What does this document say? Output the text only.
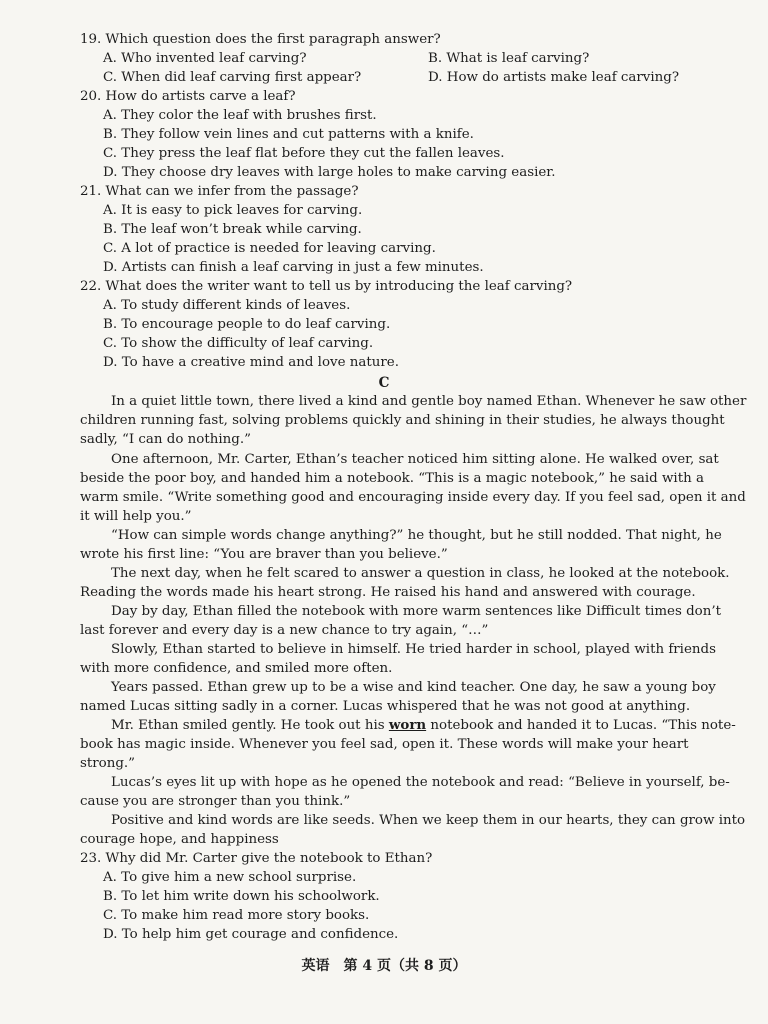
19. Which question does the first paragraph answer?
A. Who invented leaf carving?	B. What is leaf carving?
C. When did leaf carving first appear?	D. How do artists make leaf carving?
20. How do artists carve a leaf?
A. They color the leaf with brushes first.
B. They follow vein lines and cut patterns with a knife.
C. They press the leaf flat before they cut the fallen leaves.
D. They choose dry leaves with large holes to make carving easier.
21. What can we infer from the passage?
A. It is easy to pick leaves for carving.
B. The leaf won’t break while carving.
C. A lot of practice is needed for leaving carving.
D. Artists can finish a leaf carving in just a few minutes.
22. What does the writer want to tell us by introducing the leaf carving?
A. To study different kinds of leaves.
B. To encourage people to do leaf carving.
C. To show the difficulty of leaf carving.
D. To have a creative mind and love nature.
C
In a quiet little town, there lived a kind and gentle boy named Ethan. Whenever he saw other
children running fast, solving problems quickly and shining in their studies, he always thought
sadly, “I can do nothing.”
One afternoon, Mr. Carter, Ethan’s teacher noticed him sitting alone. He walked over, sat
beside the poor boy, and handed him a notebook. “This is a magic notebook,” he said with a
warm smile. “Write something good and encouraging inside every day. If you feel sad, open it and
it will help you.”
“How can simple words change anything?” he thought, but he still nodded. That night, he
wrote his first line: “You are braver than you believe.”
The next day, when he felt scared to answer a question in class, he looked at the notebook.
Reading the words made his heart strong. He raised his hand and answered with courage.
Day by day, Ethan filled the notebook with more warm sentences like Difficult times don’t
last forever and every day is a new chance to try again, “…”
Slowly, Ethan started to believe in himself. He tried harder in school, played with friends
with more confidence, and smiled more often.
Years passed. Ethan grew up to be a wise and kind teacher. One day, he saw a young boy
named Lucas sitting sadly in a corner. Lucas whispered that he was not good at anything.
Mr. Ethan smiled gently. He took out his worn notebook and handed it to Lucas. “This note-
book has magic inside. Whenever you feel sad, open it. These words will make your heart
strong.”
Lucas’s eyes lit up with hope as he opened the notebook and read: “Believe in yourself, be-
cause you are stronger than you think.”
Positive and kind words are like seeds. When we keep them in our hearts, they can grow into
courage hope, and happiness
23. Why did Mr. Carter give the notebook to Ethan?
A. To give him a new school surprise.
B. To let him write down his schoolwork.
C. To make him read more story books.
D. To help him get courage and confidence.
英语　第 4 页（共 8 页）
